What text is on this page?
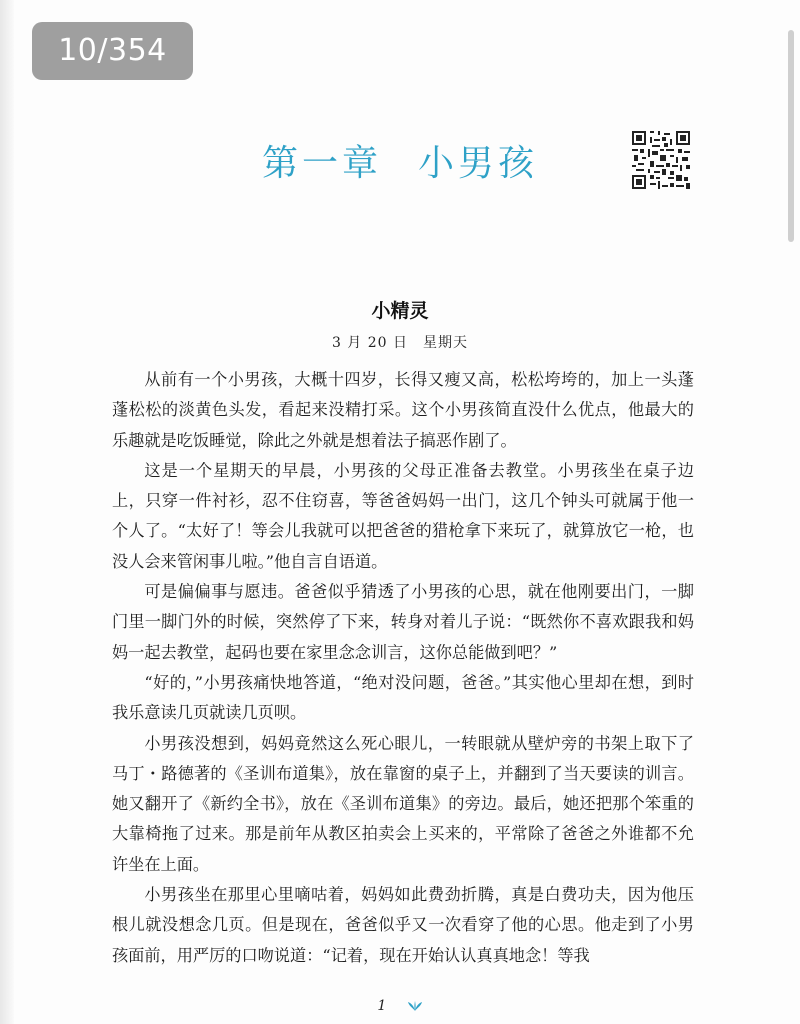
10/354
第一章 小男孩
小精灵
3 月 20 日　星期天

从前有一个小男孩，大概十四岁，长得又瘦又高，松松垮垮的，加上一头蓬蓬松松的淡黄色头发，看起来没精打采。这个小男孩简直没什么优点，他最大的乐趣就是吃饭睡觉，除此之外就是想着法子搞恶作剧了。

这是一个星期天的早晨，小男孩的父母正准备去教堂。小男孩坐在桌子边上，只穿一件衬衫，忍不住窃喜，等爸爸妈妈一出门，这几个钟头可就属于他一个人了。“太好了！等会儿我就可以把爸爸的猎枪拿下来玩了，就算放它一枪，也没人会来管闲事儿啦。”他自言自语道。

可是偏偏事与愿违。爸爸似乎猜透了小男孩的心思，就在他刚要出门，一脚门里一脚门外的时候，突然停了下来，转身对着儿子说：“既然你不喜欢跟我和妈妈一起去教堂，起码也要在家里念念训言，这你总能做到吧？”

“好的，”小男孩痛快地答道，“绝对没问题，爸爸。”其实他心里却在想，到时我乐意读几页就读几页呗。

小男孩没想到，妈妈竟然这么死心眼儿，一转眼就从壁炉旁的书架上取下了马丁・路德著的《圣训布道集》，放在靠窗的桌子上，并翻到了当天要读的训言。她又翻开了《新约全书》，放在《圣训布道集》的旁边。最后，她还把那个笨重的大靠椅拖了过来。那是前年从教区拍卖会上买来的，平常除了爸爸之外谁都不允许坐在上面。

小男孩坐在那里心里嘀咕着，妈妈如此费劲折腾，真是白费功夫，因为他压根儿就没想念几页。但是现在，爸爸似乎又一次看穿了他的心思。他走到了小男孩面前，用严厉的口吻说道：“记着，现在开始认认真真地念！等我

1
